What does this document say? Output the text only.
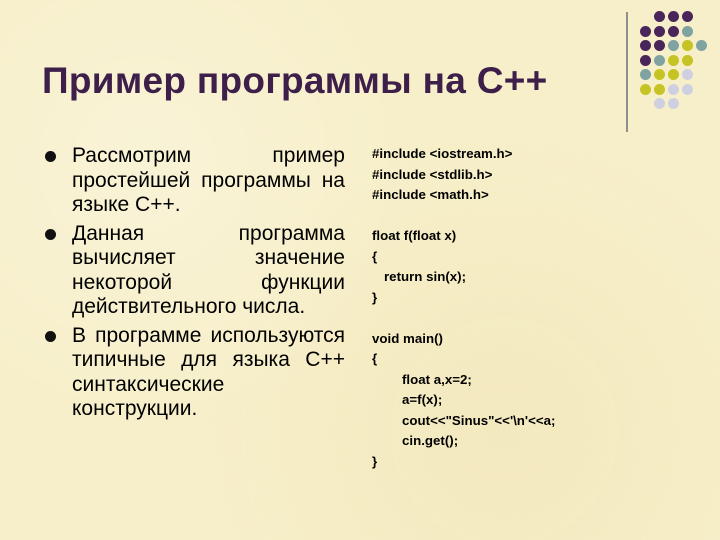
Пример программы на С++
Рассмотрим пример простейшей программы на языке С++.
Данная программа вычисляет значение некоторой функции действительного числа.
В программе используются типичные для языка С++ синтаксические конструкции.
#include <iostream.h>
#include <stdlib.h>
#include <math.h>
float f(float x)
{
return sin(x);
}
void main()
{
float a,x=2;
a=f(x);
cout<<"Sinus"<<'\n'<<a;
cin.get();
}
